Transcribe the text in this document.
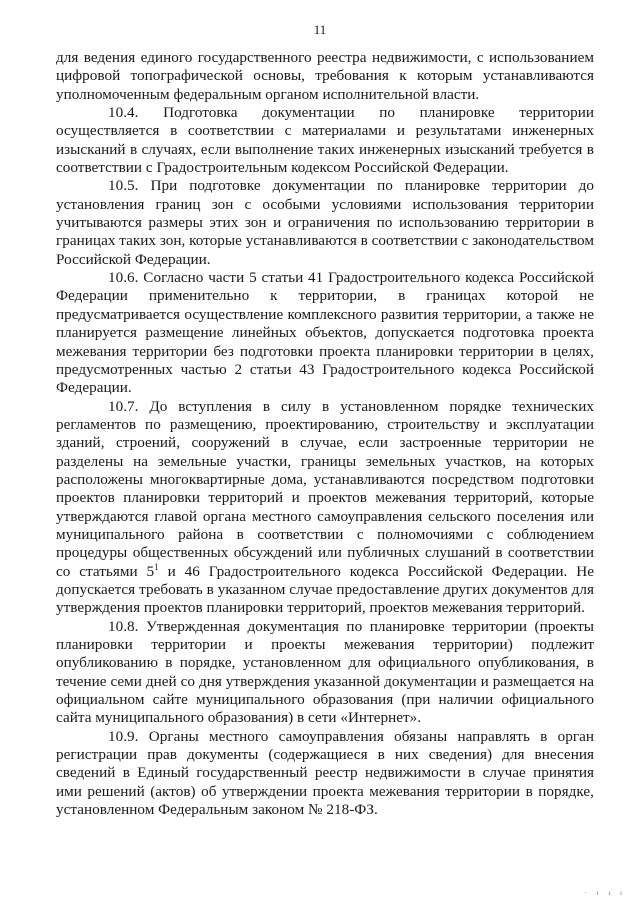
11

для ведения единого государственного реестра недвижимости, с использованием цифровой топографической основы, требования к которым устанавливаются уполномоченным федеральным органом исполнительной власти.

10.4. Подготовка документации по планировке территории осуществляется в соответствии с материалами и результатами инженерных изысканий в случаях, если выполнение таких инженерных изысканий требуется в соответствии с Градостроительным кодексом Российской Федерации.

10.5. При подготовке документации по планировке территории до установления границ зон с особыми условиями использования территории учитываются размеры этих зон и ограничения по использованию территории в границах таких зон, которые устанавливаются в соответствии с законодательством Российской Федерации.

10.6. Согласно части 5 статьи 41 Градостроительного кодекса Российской Федерации применительно к территории, в границах которой не предусматривается осуществление комплексного развития территории, а также не планируется размещение линейных объектов, допускается подготовка проекта межевания территории без подготовки проекта планировки территории в целях, предусмотренных частью 2 статьи 43 Градостроительного кодекса Российской Федерации.

10.7. До вступления в силу в установленном порядке технических регламентов по размещению, проектированию, строительству и эксплуатации зданий, строений, сооружений в случае, если застроенные территории не разделены на земельные участки, границы земельных участков, на которых расположены многоквартирные дома, устанавливаются посредством подготовки проектов планировки территорий и проектов межевания территорий, которые утверждаются главой органа местного самоуправления сельского поселения или муниципального района в соответствии с полномочиями с соблюдением процедуры общественных обсуждений или публичных слушаний в соответствии со статьями $5^1$ и 46 Градостроительного кодекса Российской Федерации. Не допускается требовать в указанном случае предоставление других документов для утверждения проектов планировки территорий, проектов межевания территорий.

10.8. Утвержденная документация по планировке территории (проекты планировки территории и проекты межевания территории) подлежит опубликованию в порядке, установленном для официального опубликования, в течение семи дней со дня утверждения указанной документации и размещается на официальном сайте муниципального образования (при наличии официального сайта муниципального образования) в сети «Интернет».

10.9. Органы местного самоуправления обязаны направлять в орган регистрации прав документы (содержащиеся в них сведения) для внесения сведений в Единый государственный реестр недвижимости в случае принятия ими решений (актов) об утверждении проекта межевания территории в порядке, установленном Федеральным законом № 218-ФЗ.

· ı ı ı
